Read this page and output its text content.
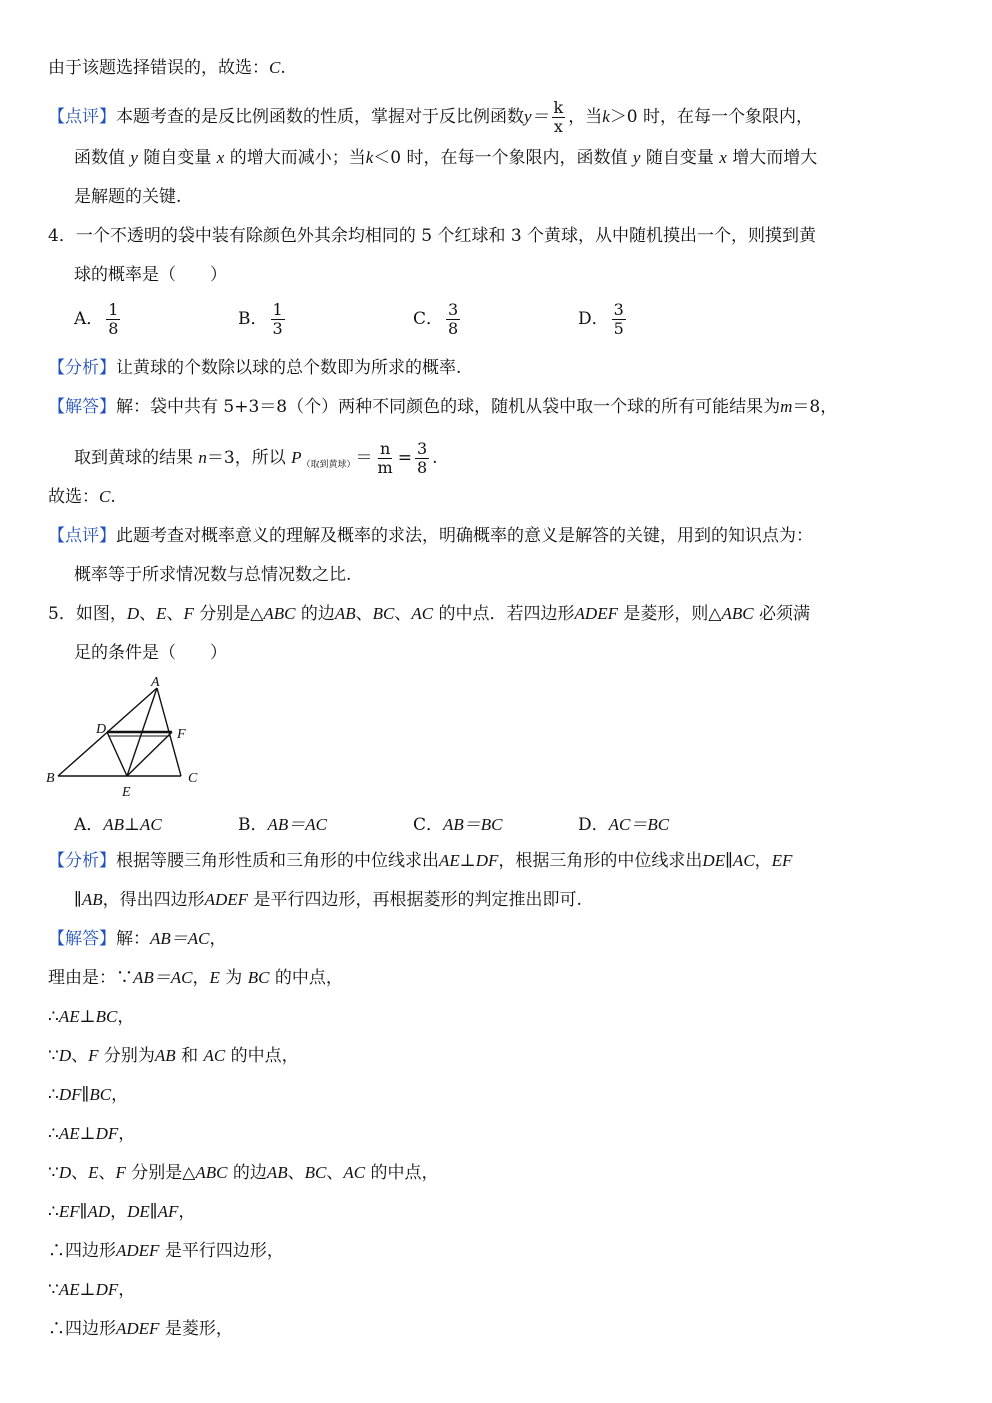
由于该题选择错误的，故选：C.
【点评】本题考查的是反比例函数的性质，掌握对于反比例函数$y= \frac{k}{x}$ ，当k＞0 时，在每一个象限内，
函数值 y 随自变量 x 的增大而减小；当k＜0 时，在每一个象限内，函数值 y 随自变量 x 增大而增大
是解题的关键.
4．一个不透明的袋中装有除颜色外其余均相同的 5 个红球和 3 个黄球，从中随机摸出一个，则摸到黄
球的概率是（　　）
A． $\frac{1}{8}$	B． $\frac{1}{3}$	C． $\frac{3}{8}$	D． $\frac{3}{5}$
【分析】让黄球的个数除以球的总个数即为所求的概率.
【解答】解：袋中共有 5+3＝8（个）两种不同颜色的球，随机从袋中取一个球的所有可能结果为m＝8，
取到黄球的结果 n＝3，所以 $P_{(取到黄球)}= \frac{n}{m} = \frac{3}{8}$ .
故选：C.
【点评】此题考查对概率意义的理解及概率的求法，明确概率的意义是解答的关键，用到的知识点为：
概率等于所求情况数与总情况数之比.
5．如图，D、E、F 分别是△ABC 的边AB、BC、AC 的中点．若四边形ADEF 是菱形，则△ABC 必须满
足的条件是（　　）
A
D	F
B
E
C
A．AB⊥AC	B．AB＝AC	C．AB＝BC	D．AC＝BC
【分析】根据等腰三角形性质和三角形的中位线求出AE⊥DF，根据三角形的中位线求出DE∥AC，EF
∥AB，得出四边形ADEF 是平行四边形，再根据菱形的判定推出即可.
【解答】解：AB＝AC，
理由是：∵AB＝AC，E 为 BC 的中点，
∴AE⊥BC，
∵D、F 分别为AB 和 AC 的中点，
∴DF∥BC，
∴AE⊥DF，
∵D、E、F 分别是△ABC 的边AB、BC、AC 的中点，
∴EF∥AD，DE∥AF，
∴四边形ADEF 是平行四边形，
∵AE⊥DF，
∴四边形ADEF 是菱形，
